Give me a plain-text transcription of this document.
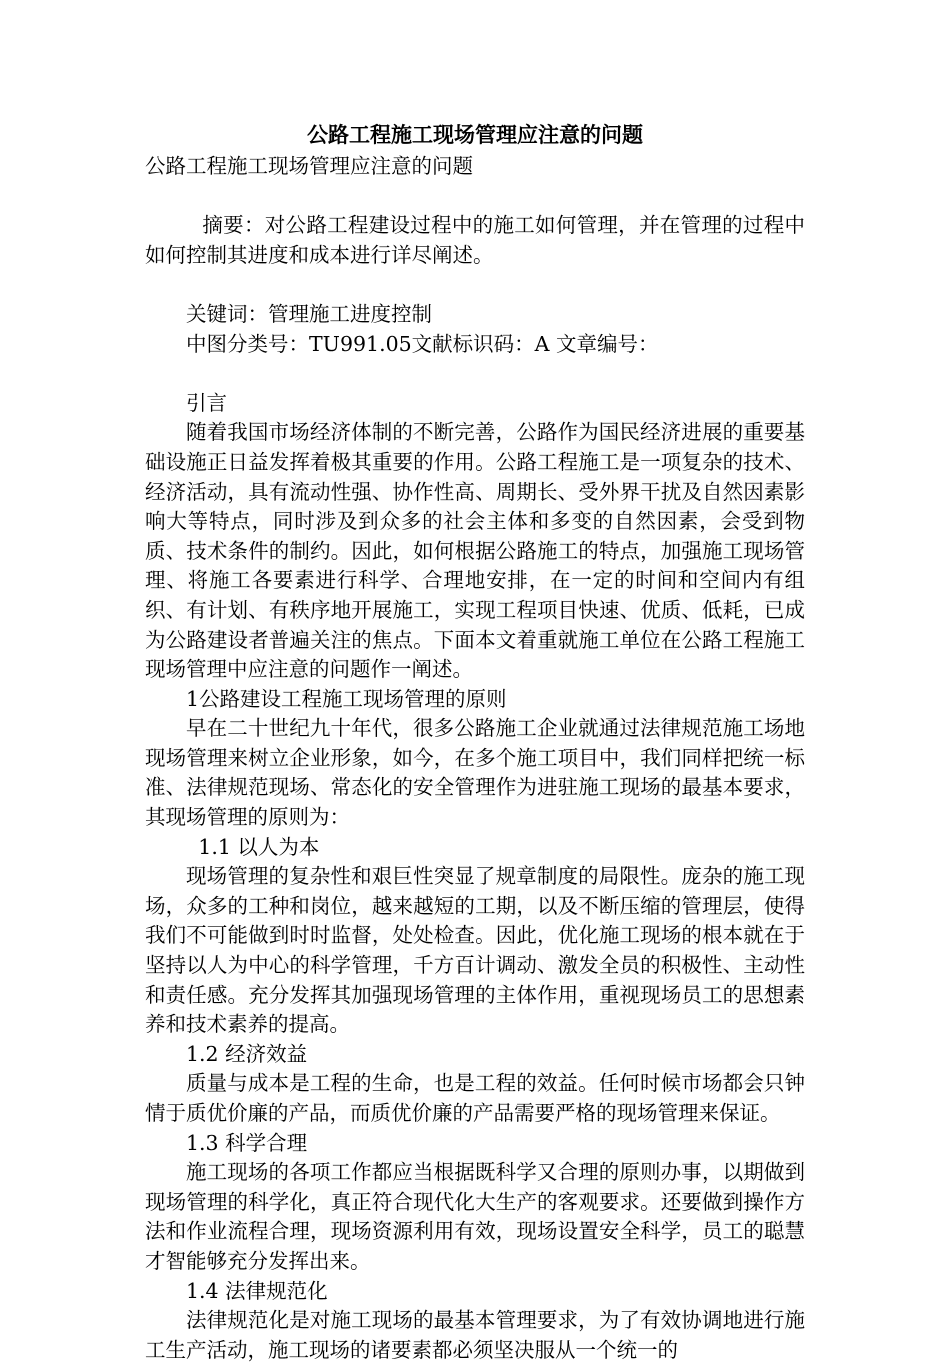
公路工程施工现场管理应注意的问题

公路工程施工现场管理应注意的问题

摘要：对公路工程建设过程中的施工如何管理，并在管理的过程中如何控制其进度和成本进行详尽阐述。

关键词：管理施工进度控制

中图分类号：TU991.05文献标识码：A 文章编号：

引言

随着我国市场经济体制的不断完善，公路作为国民经济进展的重要基础设施正日益发挥着极其重要的作用。公路工程施工是一项复杂的技术、经济活动，具有流动性强、协作性高、周期长、受外界干扰及自然因素影响大等特点，同时涉及到众多的社会主体和多变的自然因素，会受到物质、技术条件的制约。因此，如何根据公路施工的特点，加强施工现场管理、将施工各要素进行科学、合理地安排，在一定的时间和空间内有组织、有计划、有秩序地开展施工，实现工程项目快速、优质、低耗，已成为公路建设者普遍关注的焦点。下面本文着重就施工单位在公路工程施工现场管理中应注意的问题作一阐述。

1公路建设工程施工现场管理的原则

早在二十世纪九十年代，很多公路施工企业就通过法律规范施工场地现场管理来树立企业形象，如今，在多个施工项目中，我们同样把统一标准、法律规范现场、常态化的安全管理作为进驻施工现场的最基本要求，其现场管理的原则为：

1.1 以人为本

现场管理的复杂性和艰巨性突显了规章制度的局限性。庞杂的施工现场，众多的工种和岗位，越来越短的工期，以及不断压缩的管理层，使得我们不可能做到时时监督，处处检查。因此，优化施工现场的根本就在于坚持以人为中心的科学管理，千方百计调动、激发全员的积极性、主动性和责任感。充分发挥其加强现场管理的主体作用，重视现场员工的思想素养和技术素养的提高。

1.2 经济效益

质量与成本是工程的生命，也是工程的效益。任何时候市场都会只钟情于质优价廉的产品，而质优价廉的产品需要严格的现场管理来保证。

1.3 科学合理

施工现场的各项工作都应当根据既科学又合理的原则办事，以期做到现场管理的科学化，真正符合现代化大生产的客观要求。还要做到操作方法和作业流程合理，现场资源利用有效，现场设置安全科学，员工的聪慧才智能够充分发挥出来。

1.4 法律规范化

法律规范化是对施工现场的最基本管理要求，为了有效协调地进行施工生产活动，施工现场的诸要素都必须坚决服从一个统一的
